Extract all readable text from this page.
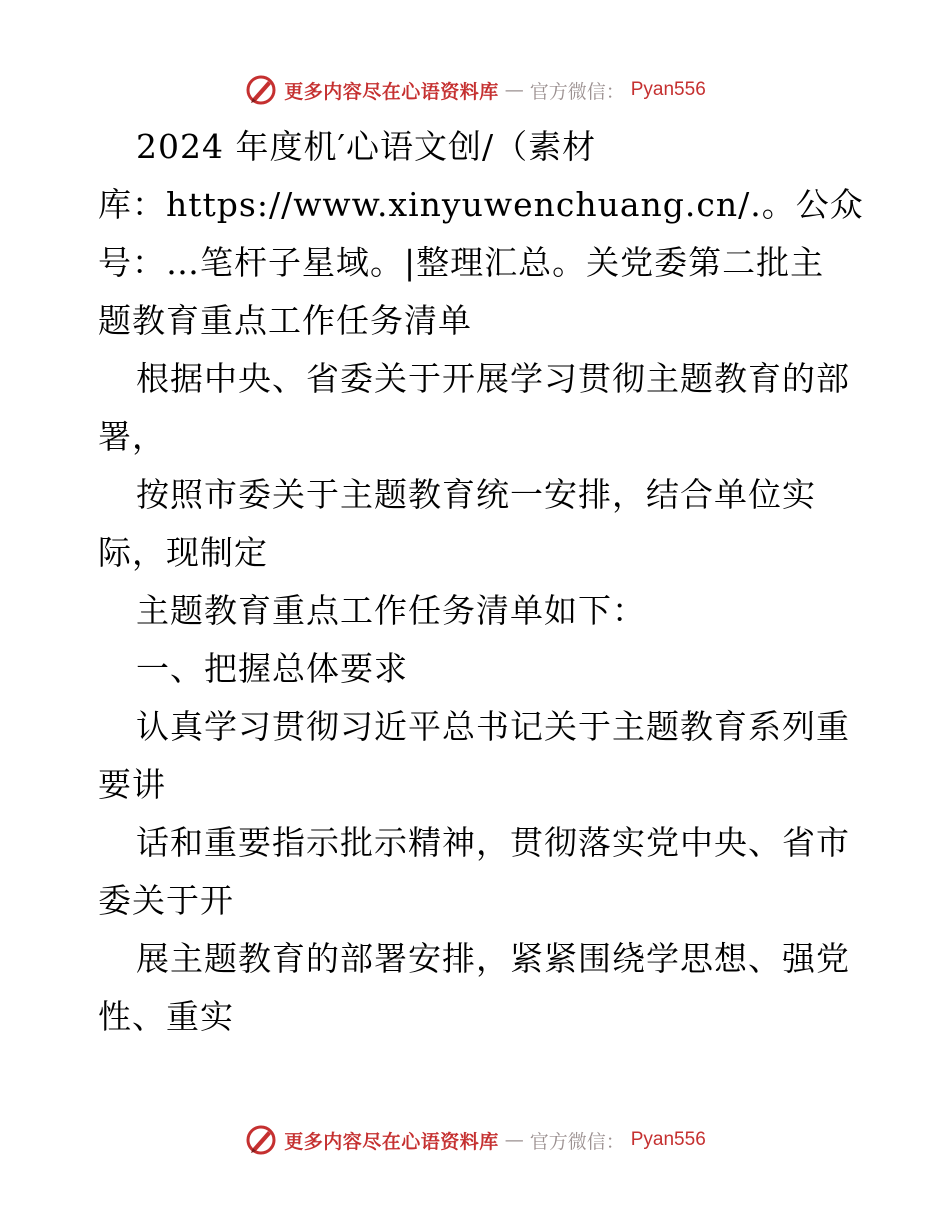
更多内容尽在心语资料库 — 官方微信： Pyan556
2024 年度机′心语文创/（素材
库：https://www.xinyuwenchuang.cn/.。公众
号：…笔杆子星域。|整理汇总。关党委第二批主
题教育重点工作任务清单
根据中央、省委关于开展学习贯彻主题教育的部
署，
按照市委关于主题教育统一安排，结合单位实
际，现制定
主题教育重点工作任务清单如下：
一、把握总体要求
认真学习贯彻习近平总书记关于主题教育系列重
要讲
话和重要指示批示精神，贯彻落实党中央、省市
委关于开
展主题教育的部署安排，紧紧围绕学思想、强党
性、重实
更多内容尽在心语资料库 — 官方微信： Pyan556
